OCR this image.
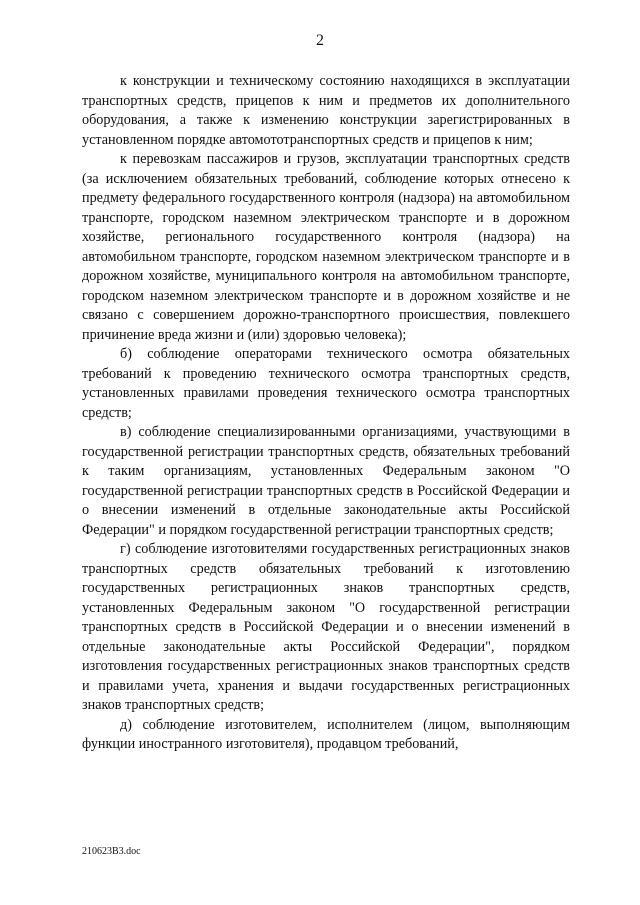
2

к конструкции и техническому состоянию находящихся в эксплуатации транспортных средств, прицепов к ним и предметов их дополнительного оборудования, а также к изменению конструкции зарегистрированных в установленном порядке автомототранспортных средств и прицепов к ним;

к перевозкам пассажиров и грузов, эксплуатации транспортных средств (за исключением обязательных требований, соблюдение которых отнесено к предмету федерального государственного контроля (надзора) на автомобильном транспорте, городском наземном электрическом транспорте и в дорожном хозяйстве, регионального государственного контроля (надзора) на автомобильном транспорте, городском наземном электрическом транспорте и в дорожном хозяйстве, муниципального контроля на автомобильном транспорте, городском наземном электрическом транспорте и в дорожном хозяйстве и не связано с совершением дорожно-транспортного происшествия, повлекшего причинение вреда жизни и (или) здоровью человека);

б) соблюдение операторами технического осмотра обязательных требований к проведению технического осмотра транспортных средств, установленных правилами проведения технического осмотра транспортных средств;

в) соблюдение специализированными организациями, участвующими в государственной регистрации транспортных средств, обязательных требований к таким организациям, установленных Федеральным законом "О государственной регистрации транспортных средств в Российской Федерации и о внесении изменений в отдельные законодательные акты Российской Федерации" и порядком государственной регистрации транспортных средств;

г) соблюдение изготовителями государственных регистрационных знаков транспортных средств обязательных требований к изготовлению государственных регистрационных знаков транспортных средств, установленных Федеральным законом "О государственной регистрации транспортных средств в Российской Федерации и о внесении изменений в отдельные законодательные акты Российской Федерации", порядком изготовления государственных регистрационных знаков транспортных средств и правилами учета, хранения и выдачи государственных регистрационных знаков транспортных средств;

д) соблюдение изготовителем, исполнителем (лицом, выполняющим функции иностранного изготовителя), продавцом требований,

210623В3.doc
